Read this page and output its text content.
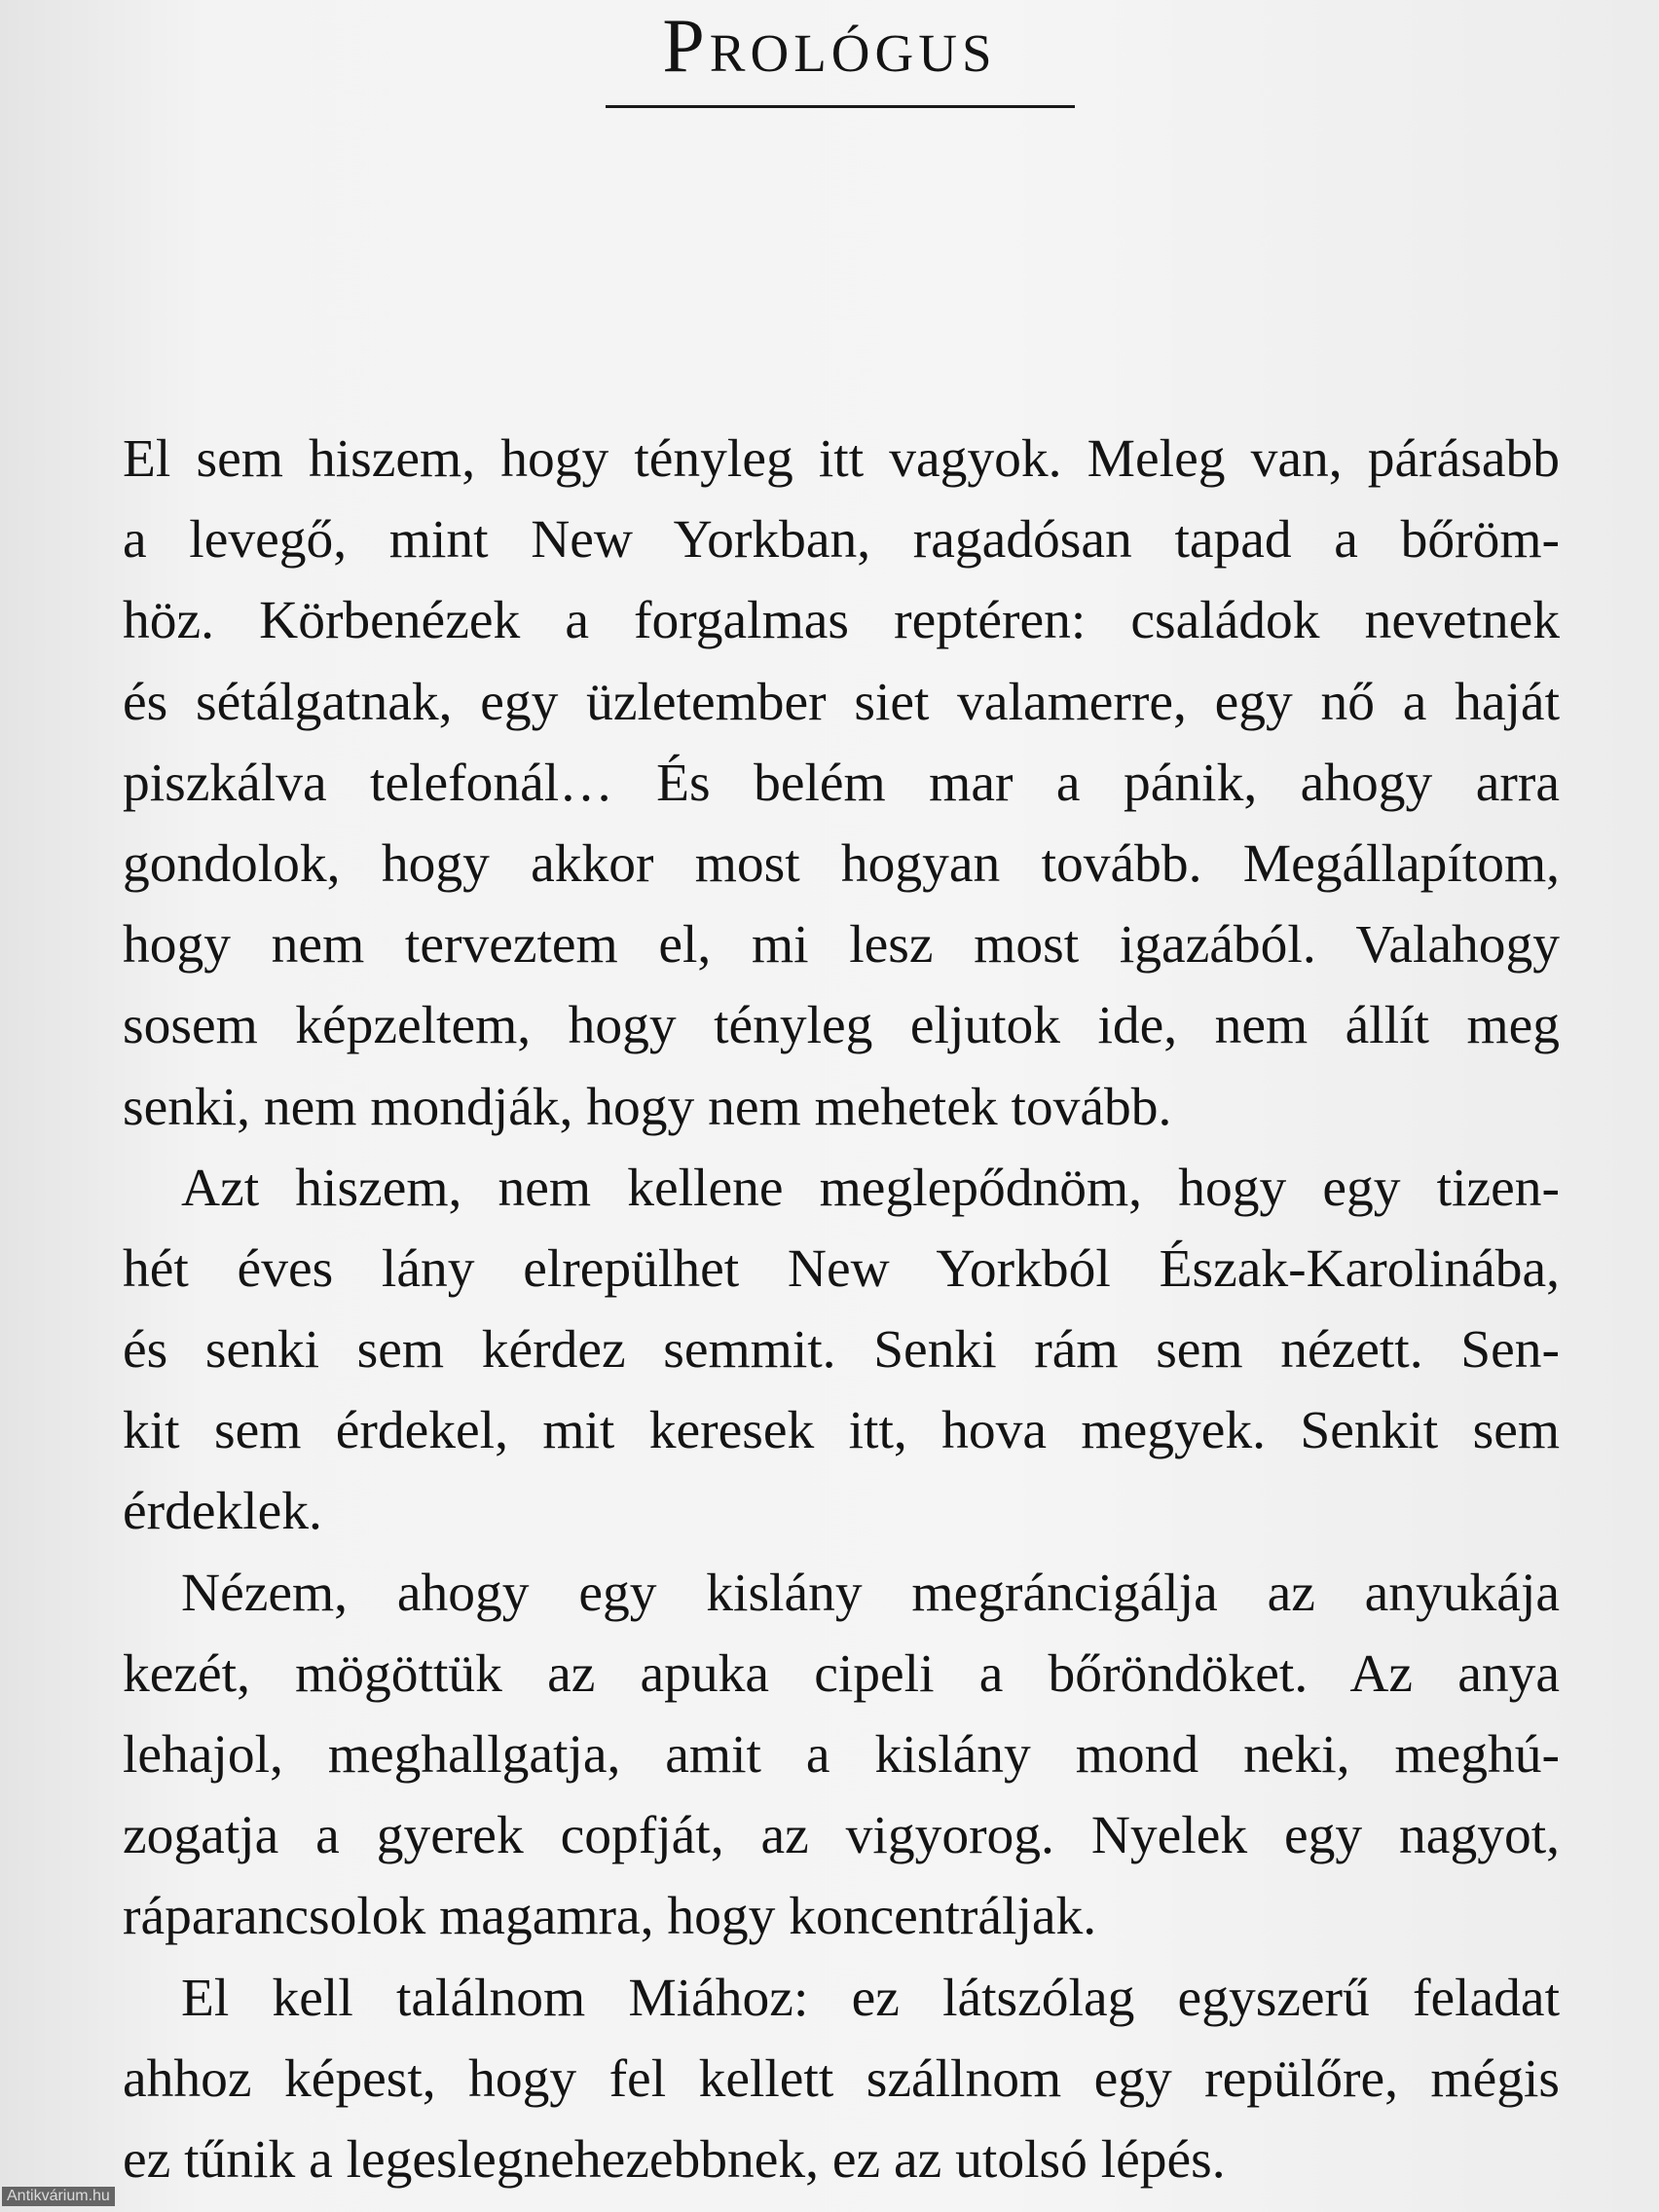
Prológus
El sem hiszem, hogy tényleg itt vagyok. Meleg van, párásabb
a levegő, mint New Yorkban, ragadósan tapad a bőröm-
höz. Körbenézek a forgalmas reptéren: családok nevetnek
és sétálgatnak, egy üzletember siet valamerre, egy nő a haját
piszkálva telefonál… És belém mar a pánik, ahogy arra
gondolok, hogy akkor most hogyan tovább. Megállapítom,
hogy nem terveztem el, mi lesz most igazából. Valahogy
sosem képzeltem, hogy tényleg eljutok ide, nem állít meg
senki, nem mondják, hogy nem mehetek tovább.
Azt hiszem, nem kellene meglepődnöm, hogy egy tizen-
hét éves lány elrepülhet New Yorkból Észak-Karolinába,
és senki sem kérdez semmit. Senki rám sem nézett. Sen-
kit sem érdekel, mit keresek itt, hova megyek. Senkit sem
érdeklek.
Nézem, ahogy egy kislány megráncigálja az anyukája
kezét, mögöttük az apuka cipeli a bőröndöket. Az anya
lehajol, meghallgatja, amit a kislány mond neki, meghú-
zogatja a gyerek copfját, az vigyorog. Nyelek egy nagyot,
ráparancsolok magamra, hogy koncentráljak.
El kell találnom Miához: ez látszólag egyszerű feladat
ahhoz képest, hogy fel kellett szállnom egy repülőre, mégis
ez tűnik a legeslegnehezebbnek, ez az utolsó lépés.
Antikvárium.hu
